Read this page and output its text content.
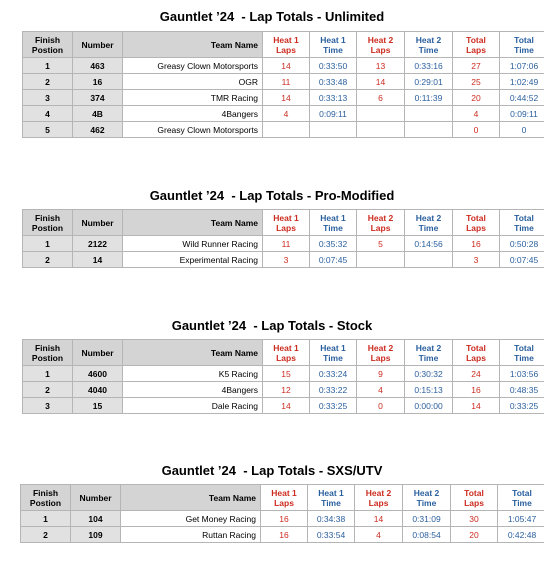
Gauntlet ’24  - Lap Totals - Unlimited
Finish
Postion	Number	Team Name	Heat 1
Laps	Heat 1
Time	Heat 2
Laps	Heat 2
Time	Total
Laps	Total
Time
1	463	Greasy Clown Motorsports	14	0:33:50	13	0:33:16	27	1:07:06
2	16	OGR	11	0:33:48	14	0:29:01	25	1:02:49
3	374	TMR Racing	14	0:33:13	6	0:11:39	20	0:44:52
4	4B	4Bangers	4	0:09:11			4	0:09:11
5	462	Greasy Clown Motorsports					0	0
Gauntlet ’24  - Lap Totals - Pro-Modified
Finish
Postion	Number	Team Name	Heat 1
Laps	Heat 1
Time	Heat 2
Laps	Heat 2
Time	Total
Laps	Total
Time
1	2122	Wild Runner Racing	11	0:35:32	5	0:14:56	16	0:50:28
2	14	Experimental Racing	3	0:07:45			3	0:07:45
Gauntlet ’24  - Lap Totals - Stock
Finish
Postion	Number	Team Name	Heat 1
Laps	Heat 1
Time	Heat 2
Laps	Heat 2
Time	Total
Laps	Total
Time
1	4600	K5 Racing	15	0:33:24	9	0:30:32	24	1:03:56
2	4040	4Bangers	12	0:33:22	4	0:15:13	16	0:48:35
3	15	Dale Racing	14	0:33:25	0	0:00:00	14	0:33:25
Gauntlet ’24  - Lap Totals - SXS/UTV
Finish
Postion	Number	Team Name	Heat 1
Laps	Heat 1
Time	Heat 2
Laps	Heat 2
Time	Total
Laps	Total
Time
1	104	Get Money Racing	16	0:34:38	14	0:31:09	30	1:05:47
2	109	Ruttan Racing	16	0:33:54	4	0:08:54	20	0:42:48
